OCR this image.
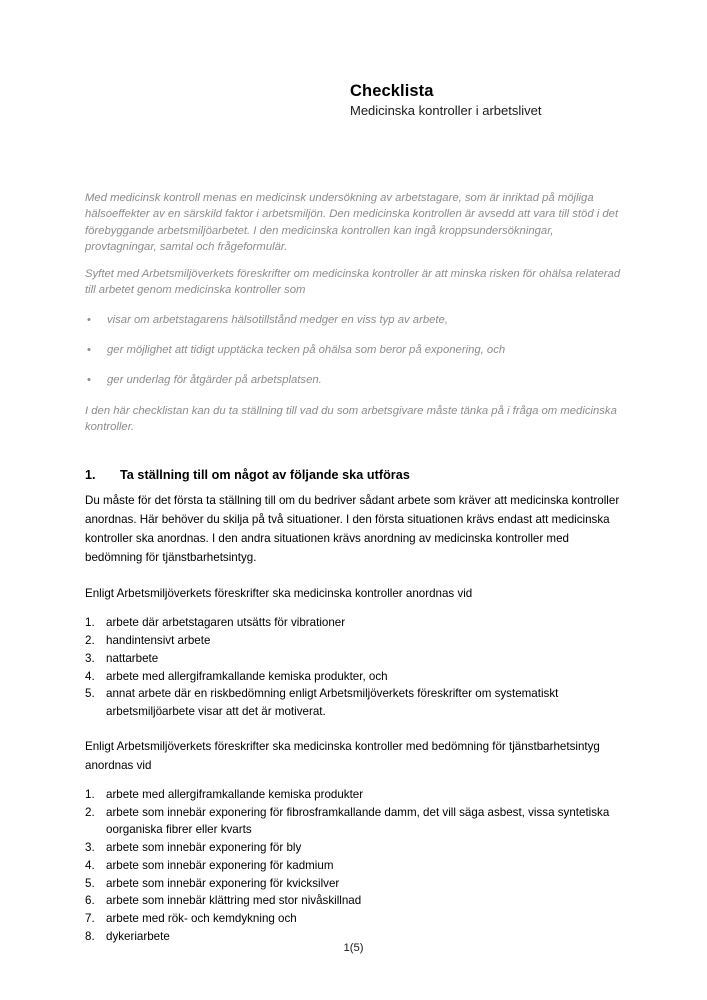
Checklista
Medicinska kontroller i arbetslivet

Med medicinsk kontroll menas en medicinsk undersökning av arbetstagare, som är inriktad på möjliga hälsoeffekter av en särskild faktor i arbetsmiljön. Den medicinska kontrollen är avsedd att vara till stöd i det förebyggande arbetsmiljöarbetet. I den medicinska kontrollen kan ingå kroppsundersökningar, provtagningar, samtal och frågeformulär.

Syftet med Arbetsmiljöverkets föreskrifter om medicinska kontroller är att minska risken för ohälsa relaterad till arbetet genom medicinska kontroller som

• visar om arbetstagarens hälsotillstånd medger en viss typ av arbete,
• ger möjlighet att tidigt upptäcka tecken på ohälsa som beror på exponering, och
• ger underlag för åtgärder på arbetsplatsen.

I den här checklistan kan du ta ställning till vad du som arbetsgivare måste tänka på i fråga om medicinska kontroller.

1.	Ta ställning till om något av följande ska utföras

Du måste för det första ta ställning till om du bedriver sådant arbete som kräver att medicinska kontroller anordnas. Här behöver du skilja på två situationer. I den första situationen krävs endast att medicinska kontroller ska anordnas. I den andra situationen krävs anordning av medicinska kontroller med bedömning för tjänstbarhetsintyg.

Enligt Arbetsmiljöverkets föreskrifter ska medicinska kontroller anordnas vid

1. arbete där arbetstagaren utsätts för vibrationer
2. handintensivt arbete
3. nattarbete
4. arbete med allergiframkallande kemiska produkter, och
5. annat arbete där en riskbedömning enligt Arbetsmiljöverkets föreskrifter om systematiskt arbetsmiljöarbete visar att det är motiverat.

Enligt Arbetsmiljöverkets föreskrifter ska medicinska kontroller med bedömning för tjänstbarhetsintyg anordnas vid

1. arbete med allergiframkallande kemiska produkter
2. arbete som innebär exponering för fibrosframkallande damm, det vill säga asbest, vissa syntetiska oorganiska fibrer eller kvarts
3. arbete som innebär exponering för bly
4. arbete som innebär exponering för kadmium
5. arbete som innebär exponering för kvicksilver
6. arbete som innebär klättring med stor nivåskillnad
7. arbete med rök- och kemdykning och
8. dykeriarbete
1(5)
